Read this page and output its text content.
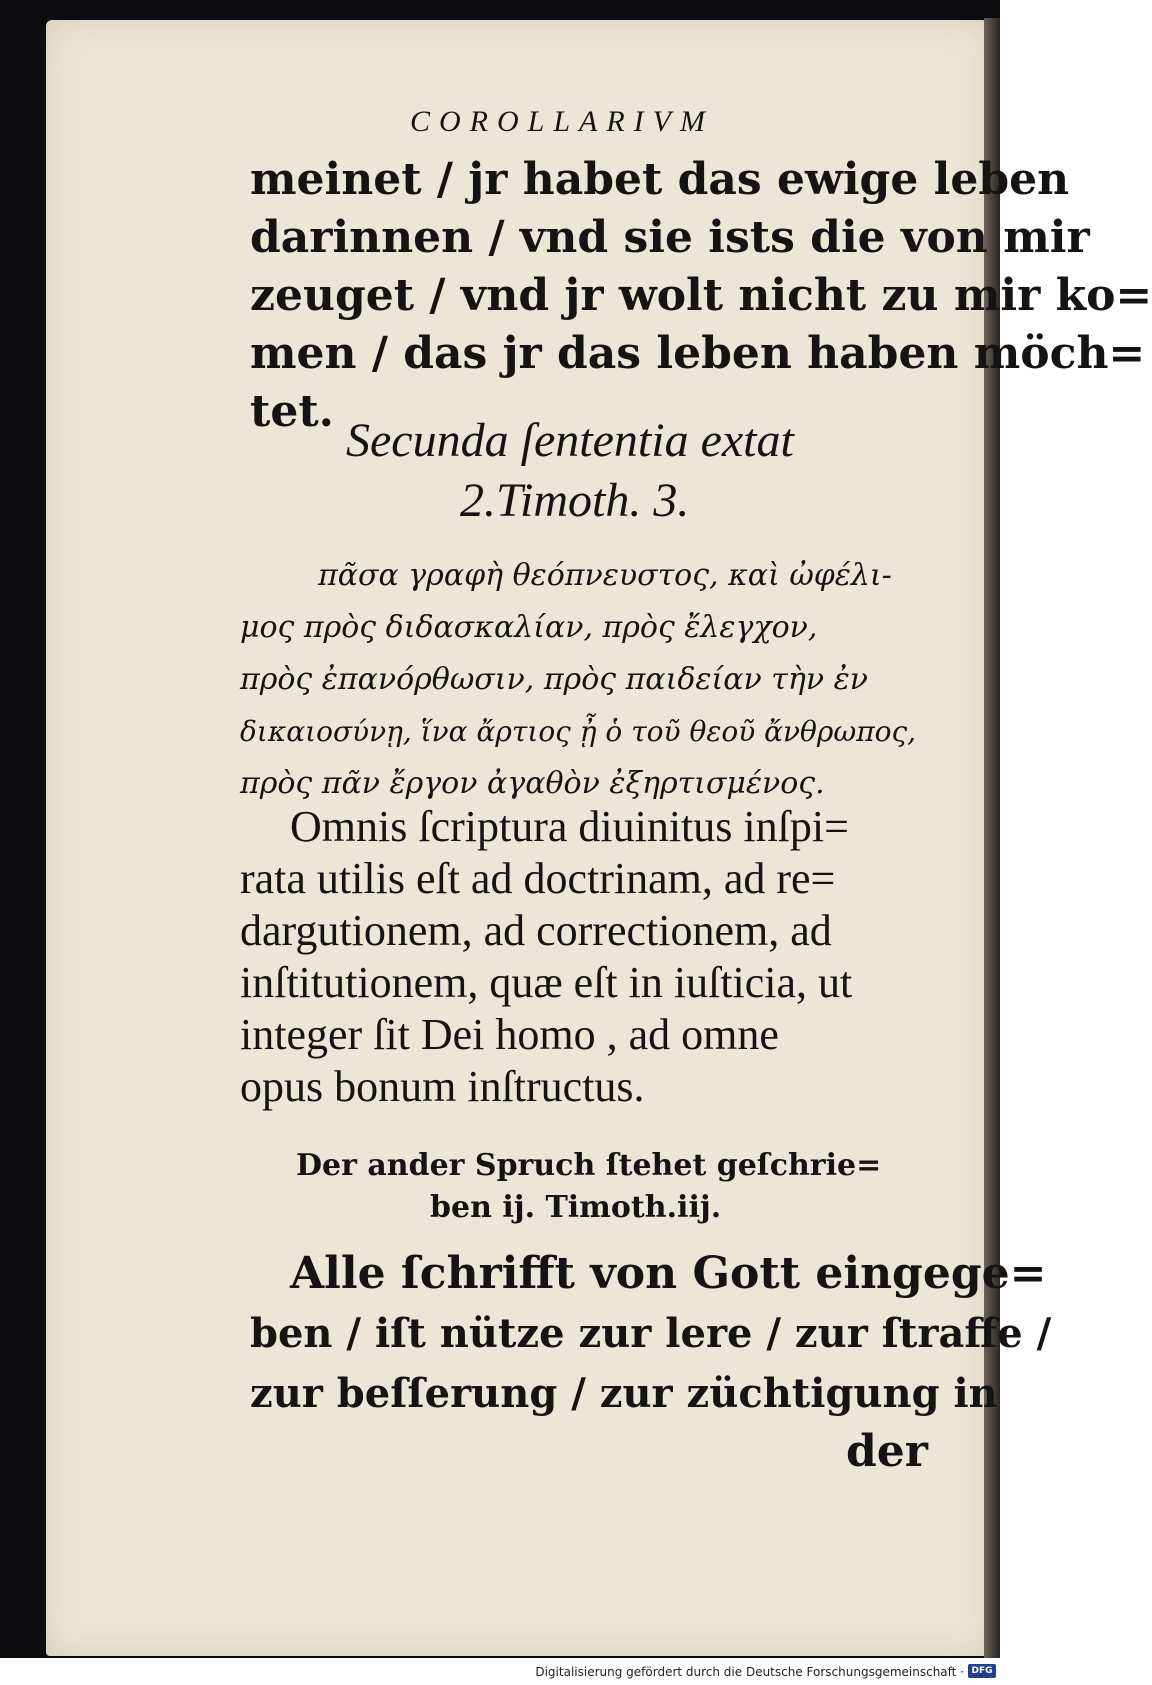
COROLLARIVM
meinet / jr habet das ewige leben
darinnen / vnd sie ists die von mir
zeuget / vnd jr wolt nicht zu mir ko=
men / das jr das leben haben möch=
tet.
Secunda ſententia extat
2.Timoth. 3.
πᾶσα γραφὴ θεόπνευστος, καὶ ὠφέλι-
μος πρὸς διδασκαλίαν, πρὸς ἔλεγχον,
πρὸς ἐπανόρθωσιν, πρὸς παιδείαν τὴν ἐν
δικαιοσύνῃ, ἵνα ἄρτιος ᾖ ὁ τοῦ θεοῦ ἄνθρωπος,
πρὸς πᾶν ἔργον ἀγαθὸν ἐξηρτισμένος.
Omnis ſcriptura diuinitus inſpi=
rata utilis eſt ad doctrinam, ad re=
dargutionem, ad correctionem, ad
inſtitutionem, quæ eſt in iuſticia, ut
integer ſit Dei homo , ad omne
opus bonum inſtructus.
Der ander Spruch ſtehet geſchrie=
ben ij. Timoth.iij.
Alle ſchrifft von Gott eingege=
ben / iſt nütze zur lere / zur ſtraffe /
zur beſſerung / zur züchtigung in
der
Digitalisierung gefördert durch die Deutsche Forschungsgemeinschaft · DFG
